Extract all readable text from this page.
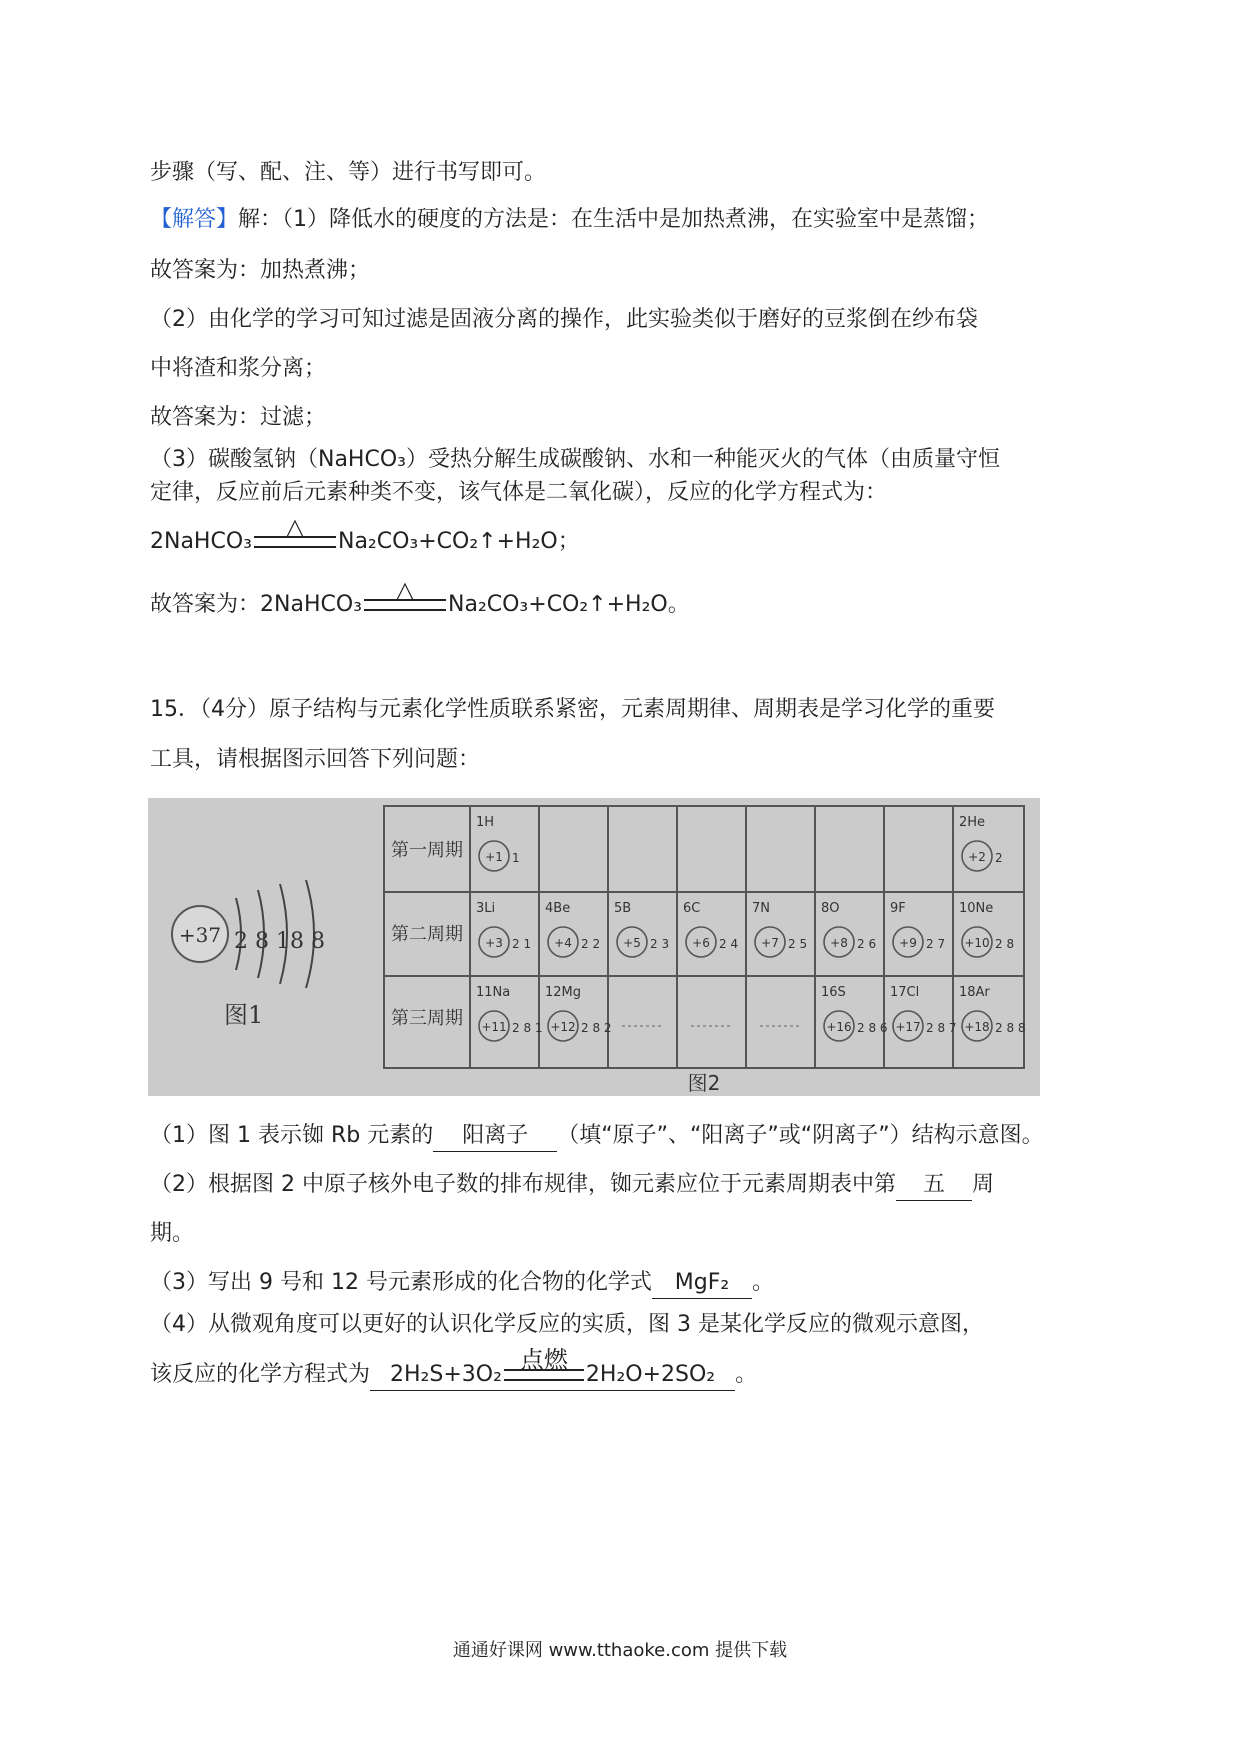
步骤（写、配、注、等）进行书写即可。
【解答】解：（1）降低水的硬度的方法是：在生活中是加热煮沸，在实验室中是蒸馏；
故答案为：加热煮沸；
（2）由化学的学习可知过滤是固液分离的操作，此实验类似于磨好的豆浆倒在纱布袋
中将渣和浆分离；
故答案为：过滤；
（3）碳酸氢钠（NaHCO₃）受热分解生成碳酸钠、水和一种能灭火的气体（由质量守恒
定律，反应前后元素种类不变，该气体是二氧化碳），反应的化学方程式为：
2NaHCO₃
△
Na₂CO₃+CO₂↑+H₂O；
故答案为：2NaHCO₃
△
Na₂CO₃+CO₂↑+H₂O。
15．（4分）原子结构与元素化学性质联系紧密，元素周期律、周期表是学习化学的重要
工具，请根据图示回答下列问题：
+37 2 8 18 8
图1
第一周期
第二周期
第三周期
1H
+1 1
2He
+2 2
3Li
+3 2 1
4Be
+4 2 2
5B
+5 2 3
6C
+6 2 4
7N
+7 2 5
8O
+8 2 6
9F
+9 2 7
10Ne
+10 2 8
11Na
+11 2 8 1
12Mg
+12 2 8 2
16S
+16 2 8 6
17Cl
+17 2 8 7
18Ar
+18 2 8 8
图2
（1）图 1 表示铷 Rb 元素的 阳离子 （填“原子”、“阳离子”或“阴离子”）结构示意图。
（2）根据图 2 中原子核外电子数的排布规律，铷元素应位于元素周期表中第 五 周
期。
（3）写出 9 号和 12 号元素形成的化合物的化学式 MgF₂ 。
（4）从微观角度可以更好的认识化学反应的实质，图 3 是某化学反应的微观示意图，
该反应的化学方程式为 2H₂S+3O₂
点燃
2H₂O+2SO₂ 。
通通好课网 www.tthaoke.com 提供下载
